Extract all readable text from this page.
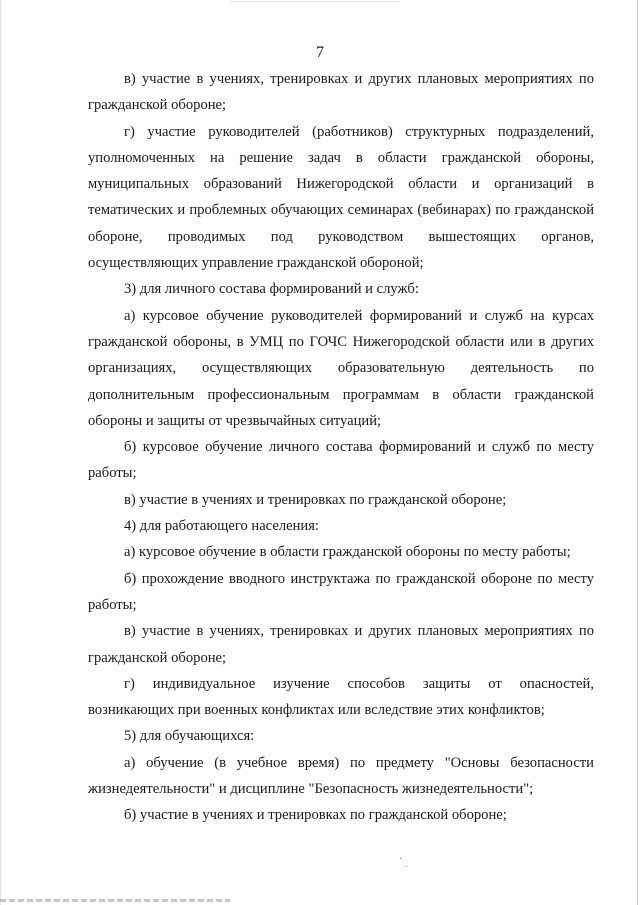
7

в) участие в учениях, тренировках и других плановых мероприятиях по гражданской обороне;

г) участие руководителей (работников) структурных подразделений, уполномоченных на решение задач в области гражданской обороны, муниципальных образований Нижегородской области и организаций в тематических и проблемных обучающих семинарах (вебинарах) по гражданской обороне, проводимых под руководством вышестоящих органов, осуществляющих управление гражданской обороной;

3) для личного состава формирований и служб:

а) курсовое обучение руководителей формирований и служб на курсах гражданской обороны, в УМЦ по ГОЧС Нижегородской области или в других организациях, осуществляющих образовательную деятельность по дополнительным профессиональным программам в области гражданской обороны и защиты от чрезвычайных ситуаций;

б) курсовое обучение личного состава формирований и служб по месту работы;

в) участие в учениях и тренировках по гражданской обороне;

4) для работающего населения:

а) курсовое обучение в области гражданской обороны по месту работы;

б) прохождение вводного инструктажа по гражданской обороне по месту работы;

в) участие в учениях, тренировках и других плановых мероприятиях по гражданской обороне;

г) индивидуальное изучение способов защиты от опасностей, возникающих при военных конфликтах или вследствие этих конфликтов;

5) для обучающихся:

а) обучение (в учебное время) по предмету "Основы безопасности жизнедеятельности" и дисциплине "Безопасность жизнедеятельности";

б) участие в учениях и тренировках по гражданской обороне;
